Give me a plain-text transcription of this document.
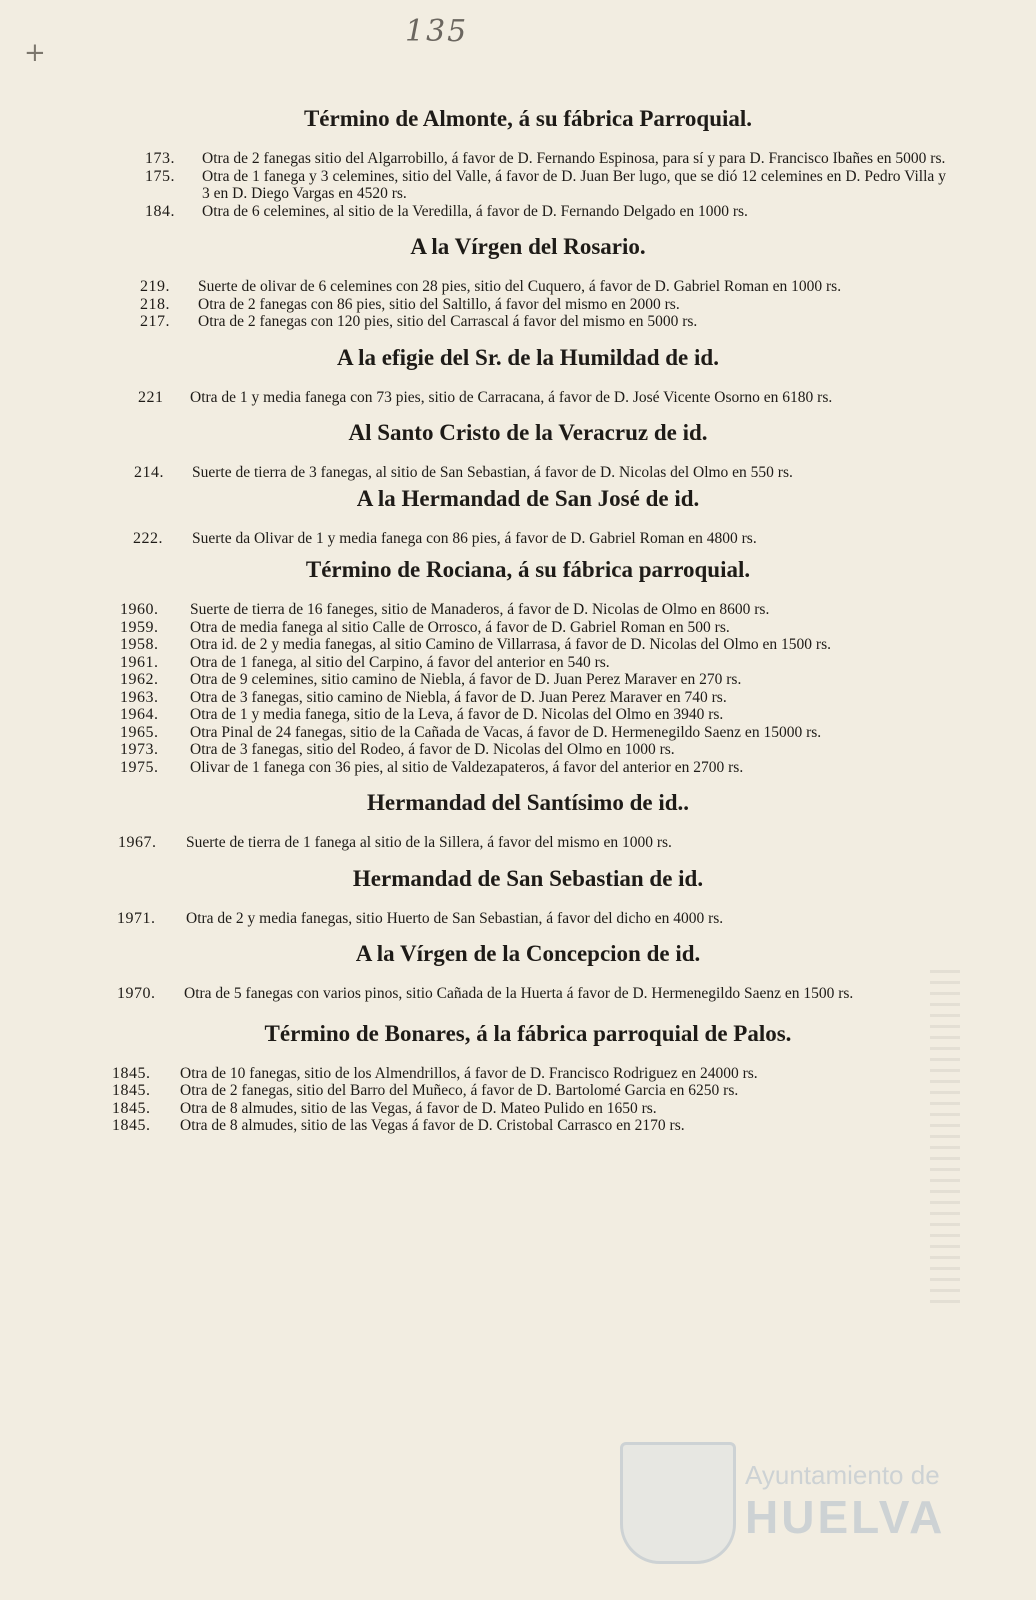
+
135
Término de Almonte, á su fábrica Parroquial.
173. Otra de 2 fanegas sitio del Algarrobillo, á favor de D. Fernando Espinosa, para sí y para D. Francisco Ibañes en 5000 rs.
175. Otra de 1 fanega y 3 celemines, sitio del Valle, á favor de D. Juan Ber lugo, que se dió 12 celemines en D. Pedro Villa y 3 en D. Diego Vargas en 4520 rs.
184. Otra de 6 celemines, al sitio de la Veredilla, á favor de D. Fernando Delgado en 1000 rs.
A la Vírgen del Rosario.
219. Suerte de olivar de 6 celemines con 28 pies, sitio del Cuquero, á favor de D. Gabriel Roman en 1000 rs.
218. Otra de 2 fanegas con 86 pies, sitio del Saltillo, á favor del mismo en 2000 rs.
217. Otra de 2 fanegas con 120 pies, sitio del Carrascal á favor del mismo en 5000 rs.
A la efigie del Sr. de la Humildad de id.
221 Otra de 1 y media fanega con 73 pies, sitio de Carracana, á favor de D. José Vicente Osorno en 6180 rs.
Al Santo Cristo de la Veracruz de id.
214. Suerte de tierra de 3 fanegas, al sitio de San Sebastian, á favor de D. Nicolas del Olmo en 550 rs.
A la Hermandad de San José de id.
222. Suerte da Olivar de 1 y media fanega con 86 pies, á favor de D. Gabriel Roman en 4800 rs.
Término de Rociana, á su fábrica parroquial.
1960. Suerte de tierra de 16 faneges, sitio de Manaderos, á favor de D. Nicolas de Olmo en 8600 rs.
1959. Otra de media fanega al sitio Calle de Orrosco, á favor de D. Gabriel Roman en 500 rs.
1958. Otra id. de 2 y media fanegas, al sitio Camino de Villarrasa, á favor de D. Nicolas del Olmo en 1500 rs.
1961. Otra de 1 fanega, al sitio del Carpino, á favor del anterior en 540 rs.
1962. Otra de 9 celemines, sitio camino de Niebla, á favor de D. Juan Perez Maraver en 270 rs.
1963. Otra de 3 fanegas, sitio camino de Niebla, á favor de D. Juan Perez Maraver en 740 rs.
1964. Otra de 1 y media fanega, sitio de la Leva, á favor de D. Nicolas del Olmo en 3940 rs.
1965. Otra Pinal de 24 fanegas, sitio de la Cañada de Vacas, á favor de D. Hermenegildo Saenz en 15000 rs.
1973. Otra de 3 fanegas, sitio del Rodeo, á favor de D. Nicolas del Olmo en 1000 rs.
1975. Olivar de 1 fanega con 36 pies, al sitio de Valdezapateros, á favor del anterior en 2700 rs.
Hermandad del Santísimo de id..
1967. Suerte de tierra de 1 fanega al sitio de la Sillera, á favor del mismo en 1000 rs.
Hermandad de San Sebastian de id.
1971. Otra de 2 y media fanegas, sitio Huerto de San Sebastian, á favor del dicho en 4000 rs.
A la Vírgen de la Concepcion de id.
1970. Otra de 5 fanegas con varios pinos, sitio Cañada de la Huerta á favor de D. Hermenegildo Saenz en 1500 rs.
Término de Bonares, á la fábrica parroquial de Palos.
1845. Otra de 10 fanegas, sitio de los Almendrillos, á favor de D. Francisco Rodriguez en 24000 rs.
1845. Otra de 2 fanegas, sitio del Barro del Muñeco, á favor de D. Bartolomé Garcia en 6250 rs.
1845. Otra de 8 almudes, sitio de las Vegas, á favor de D. Mateo Pulido en 1650 rs.
1845. Otra de 8 almudes, sitio de las Vegas á favor de D. Cristobal Carrasco en 2170 rs.
Ayuntamiento de
HUELVA
